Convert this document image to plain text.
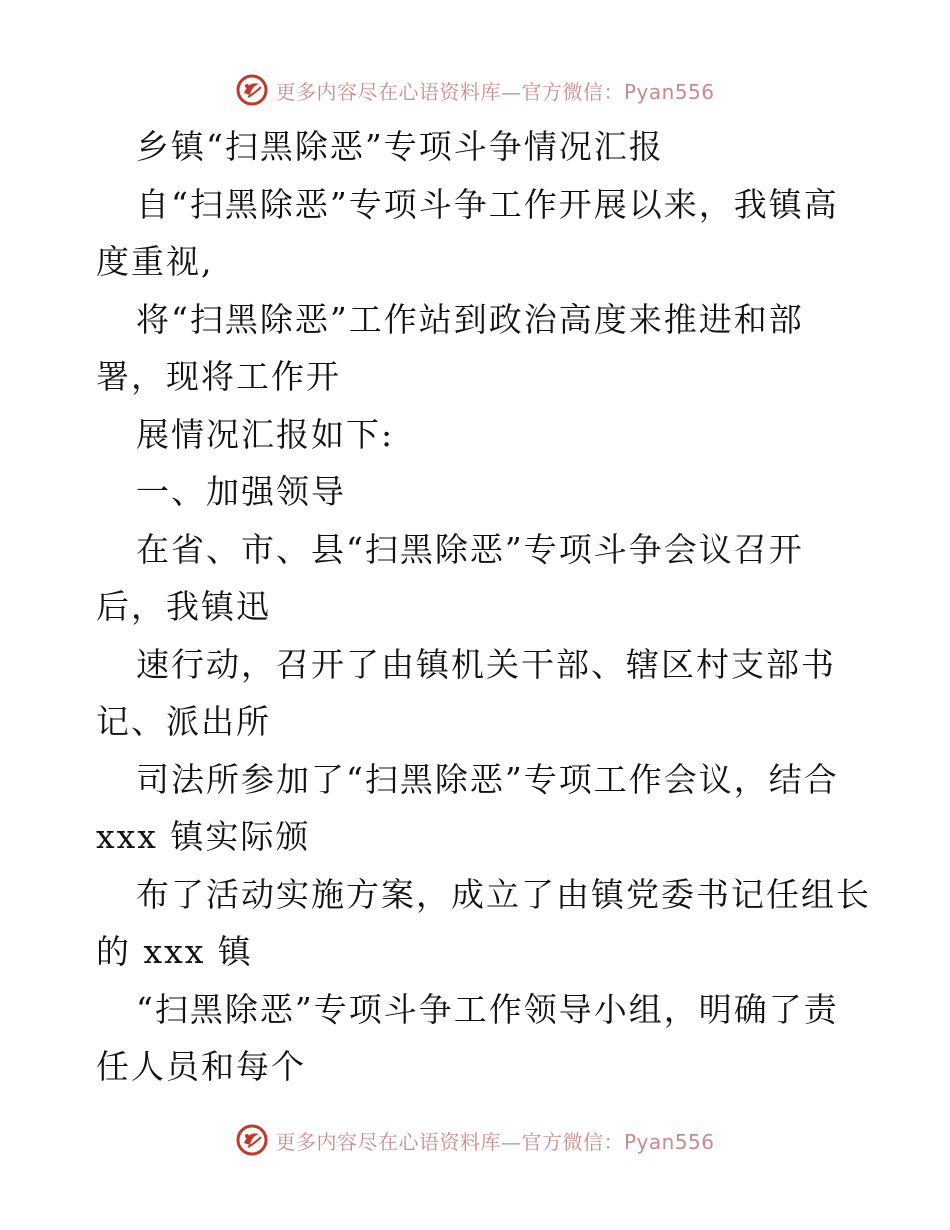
更多内容尽在心语资料库—官方微信：Pyan556
乡镇“扫黑除恶”专项斗争情况汇报
自“扫黑除恶”专项斗争工作开展以来，我镇高
度重视,
将“扫黑除恶”工作站到政治高度来推进和部
署，现将工作开
展情况汇报如下:
一、加强领导
在省、市、县“扫黑除恶”专项斗争会议召开
后，我镇迅
速行动，召开了由镇机关干部、辖区村支部书
记、派出所
司法所参加了“扫黑除恶”专项工作会议，结合
xxx 镇实际颁
布了活动实施方案，成立了由镇党委书记任组长
的 xxx 镇
“扫黑除恶”专项斗争工作领导小组，明确了责
任人员和每个
更多内容尽在心语资料库—官方微信：Pyan556
